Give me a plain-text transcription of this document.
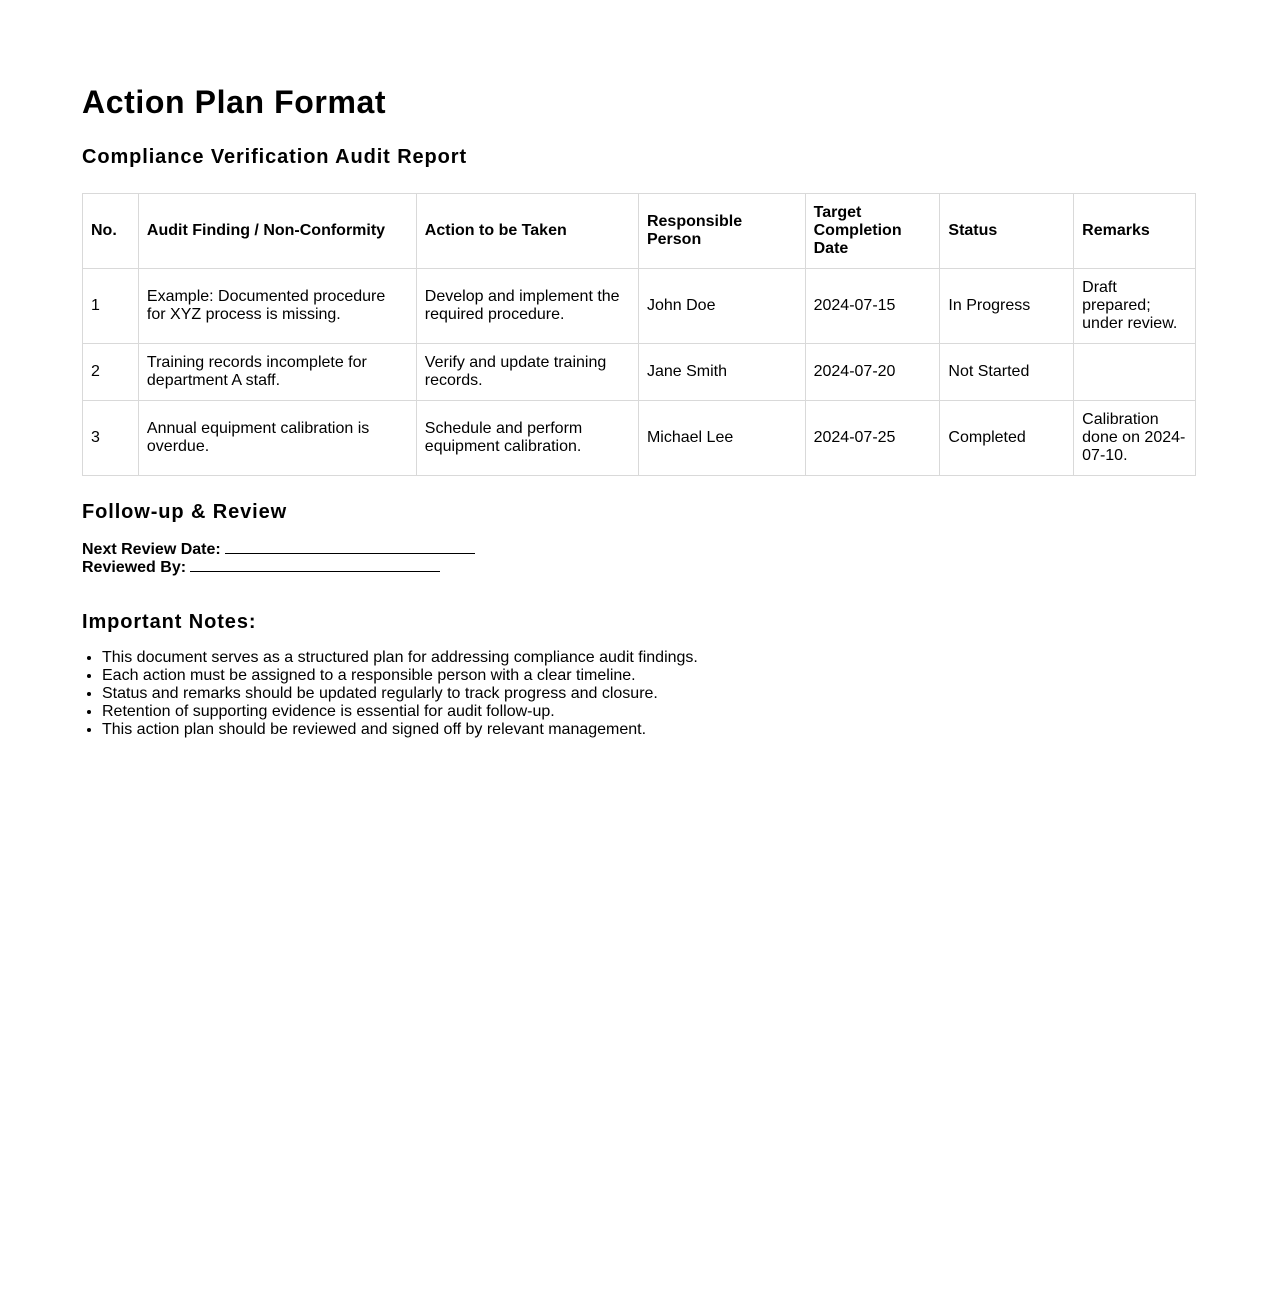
Action Plan Format
Compliance Verification Audit Report
No.	Audit Finding / Non-Conformity	Action to be Taken	Responsible Person	Target Completion Date	Status	Remarks
1	Example: Documented procedure for XYZ process is missing.	Develop and implement the required procedure.	John Doe	2024-07-15	In Progress	Draft prepared; under review.
2	Training records incomplete for department A staff.	Verify and update training records.	Jane Smith	2024-07-20	Not Started	
3	Annual equipment calibration is overdue.	Schedule and perform equipment calibration.	Michael Lee	2024-07-25	Completed	Calibration done on 2024-07-10.
Follow-up & Review
Next Review Date:
Reviewed By:
Important Notes:
• This document serves as a structured plan for addressing compliance audit findings.
• Each action must be assigned to a responsible person with a clear timeline.
• Status and remarks should be updated regularly to track progress and closure.
• Retention of supporting evidence is essential for audit follow-up.
• This action plan should be reviewed and signed off by relevant management.
